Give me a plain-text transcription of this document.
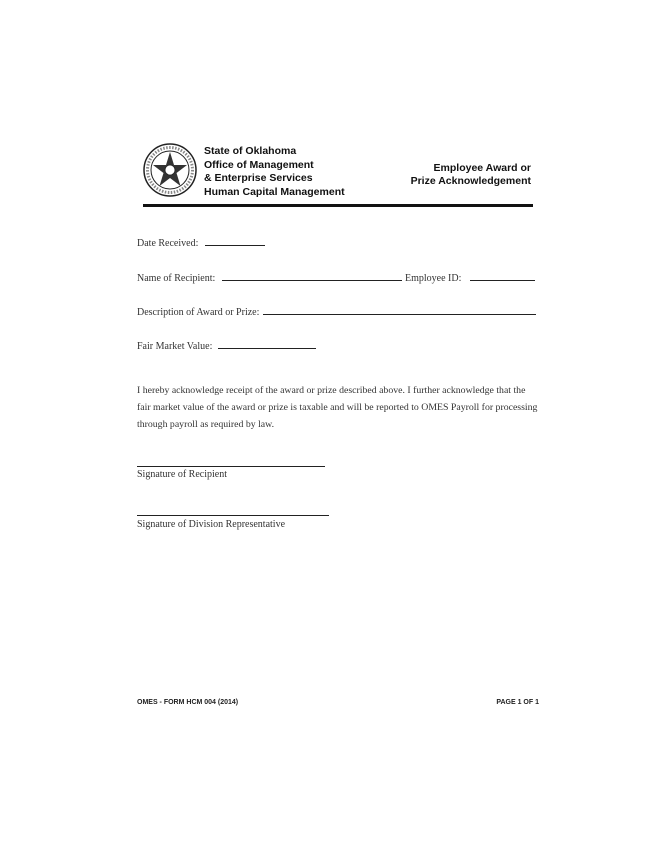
State of Oklahoma
Office of Management
& Enterprise Services
Human Capital Management
Employee Award or
Prize Acknowledgement
Date Received:
Name of Recipient:	Employee ID:
Description of Award or Prize:
Fair Market Value:
I hereby acknowledge receipt of the award or prize described above. I further acknowledge that the
fair market value of the award or prize is taxable and will be reported to OMES Payroll for processing
through payroll as required by law.
Signature of Recipient
Signature of Division Representative
OMES - FORM HCM 004 (2014)	PAGE 1 OF 1
